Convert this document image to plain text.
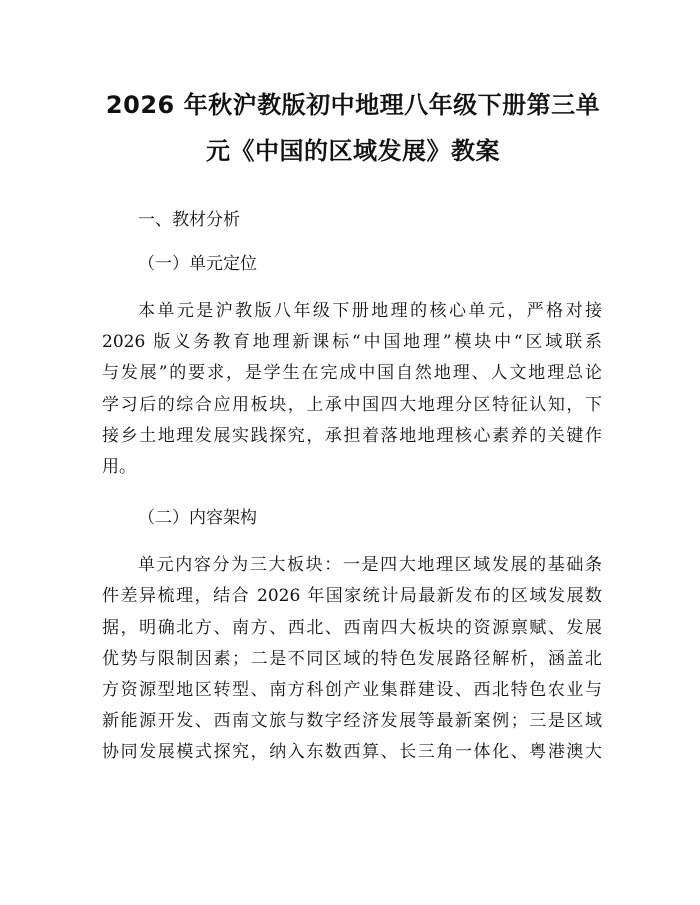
2026 年秋沪教版初中地理八年级下册第三单
元《中国的区域发展》教案

一、教材分析

（一）单元定位

本单元是沪教版八年级下册地理的核心单元，严格对接
2026 版义务教育地理新课标“中国地理”模块中“区域联系
与发展”的要求，是学生在完成中国自然地理、人文地理总论
学习后的综合应用板块，上承中国四大地理分区特征认知，下
接乡土地理发展实践探究，承担着落地地理核心素养的关键作
用。

（二）内容架构

单元内容分为三大板块：一是四大地理区域发展的基础条
件差异梳理，结合 2026 年国家统计局最新发布的区域发展数
据，明确北方、南方、西北、西南四大板块的资源禀赋、发展
优势与限制因素；二是不同区域的特色发展路径解析，涵盖北
方资源型地区转型、南方科创产业集群建设、西北特色农业与
新能源开发、西南文旅与数字经济发展等最新案例；三是区域
协同发展模式探究，纳入东数西算、长三角一体化、粤港澳大
